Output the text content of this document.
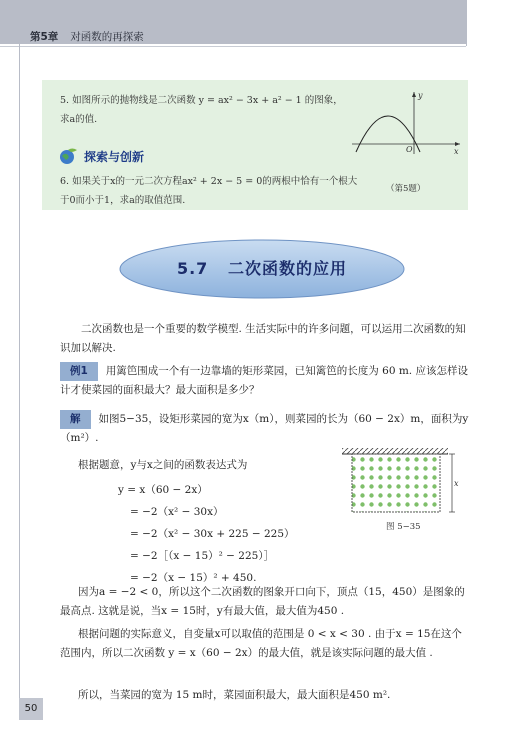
第5章 对函数的再探索
5. 如图所示的抛物线是二次函数 y = ax² − 3x + a² − 1 的图象，求a的值.
探索与创新
6. 如果关于x的一元二次方程ax² + 2x − 5 = 0的两根中恰有一个根大于0而小于1，求a的取值范围.
y
x
O
（第5题）
5.7 二次函数的应用
二次函数也是一个重要的数学模型. 生活实际中的许多问题，可以运用二次函数的知识加以解决.
例1 用篱笆围成一个有一边靠墙的矩形菜园，已知篱笆的长度为 60 m. 应该怎样设计才使菜园的面积最大？最大面积是多少？
解 如图5−35，设矩形菜园的宽为x（m），则菜园的长为（60 − 2x）m，面积为y（m²）.
根据题意，y与x之间的函数表达式为
y = x（60 − 2x）
= −2（x² − 30x）
= −2（x² − 30x + 225 − 225）
= −2［（x − 15）² − 225）］
= −2（x − 15）² + 450.
x
图 5−35
因为a = −2 < 0，所以这个二次函数的图象开口向下，顶点（15，450）是图象的最高点. 这就是说，当x = 15时，y有最大值，最大值为450 .
根据问题的实际意义，自变量x可以取值的范围是 0 < x < 30 . 由于x = 15在这个范围内，所以二次函数 y = x（60 − 2x）的最大值，就是该实际问题的最大值 .
所以，当菜园的宽为 15 m时，菜园面积最大，最大面积是450 m².
50
